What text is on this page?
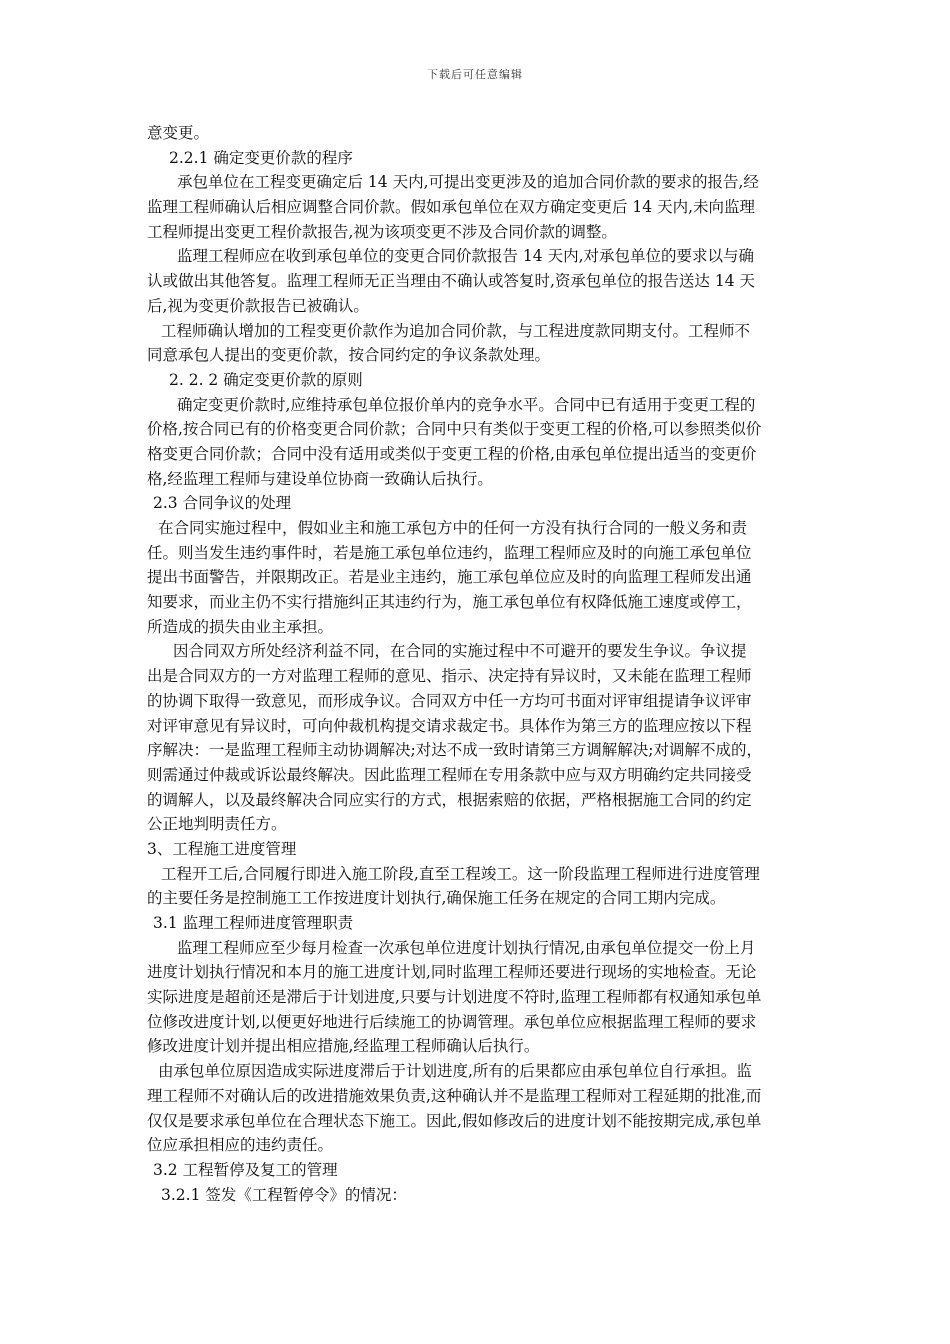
下载后可任意编辑
意变更。
2.2.1 确定变更价款的程序
承包单位在工程变更确定后 14 天内,可提出变更涉及的追加合同价款的要求的报告,经
监理工程师确认后相应调整合同价款。假如承包单位在双方确定变更后 14 天内,未向监理
工程师提出变更工程价款报告,视为该项变更不涉及合同价款的调整。
监理工程师应在收到承包单位的变更合同价款报告 14 天内,对承包单位的要求以与确
认或做出其他答复。监理工程师无正当理由不确认或答复时,资承包单位的报告送达 14 天
后,视为变更价款报告已被确认。
工程师确认增加的工程变更价款作为追加合同价款，与工程进度款同期支付。工程师不
同意承包人提出的变更价款，按合同约定的争议条款处理。
2. 2. 2 确定变更价款的原则
确定变更价款时,应维持承包单位报价单内的竞争水平。合同中已有适用于变更工程的
价格,按合同已有的价格变更合同价款；合同中只有类似于变更工程的价格,可以参照类似价
格变更合同价款；合同中没有适用或类似于变更工程的价格,由承包单位提出适当的变更价
格,经监理工程师与建设单位协商一致确认后执行。
2.3 合同争议的处理
在合同实施过程中，假如业主和施工承包方中的任何一方没有执行合同的一般义务和责
任。则当发生违约事件时，若是施工承包单位违约，监理工程师应及时的向施工承包单位
提出书面警告，并限期改正。若是业主违约，施工承包单位应及时的向监理工程师发出通
知要求，而业主仍不实行措施纠正其违约行为，施工承包单位有权降低施工速度或停工，
所造成的损失由业主承担。
因合同双方所处经济利益不同，在合同的实施过程中不可避开的要发生争议。争议提
出是合同双方的一方对监理工程师的意见、指示、决定持有异议时，又未能在监理工程师
的协调下取得一致意见，而形成争议。合同双方中任一方均可书面对评审组提请争议评审
对评审意见有异议时，可向仲裁机构提交请求裁定书。具体作为第三方的监理应按以下程
序解决：一是监理工程师主动协调解决;对达不成一致时请第三方调解解决;对调解不成的，
则需通过仲裁或诉讼最终解决。因此监理工程师在专用条款中应与双方明确约定共同接受
的调解人，以及最终解决合同应实行的方式，根据索赔的依据，严格根据施工合同的约定
公正地判明责任方。
3、工程施工进度管理
工程开工后,合同履行即进入施工阶段,直至工程竣工。这一阶段监理工程师进行进度管理
的主要任务是控制施工工作按进度计划执行,确保施工任务在规定的合同工期内完成。
3.1 监理工程师进度管理职责
监理工程师应至少每月检查一次承包单位进度计划执行情况,由承包单位提交一份上月
进度计划执行情况和本月的施工进度计划,同时监理工程师还要进行现场的实地检查。无论
实际进度是超前还是滞后于计划进度,只要与计划进度不符时,监理工程师都有权通知承包单
位修改进度计划,以便更好地进行后续施工的协调管理。承包单位应根据监理工程师的要求
修改进度计划并提出相应措施,经监理工程师确认后执行。
由承包单位原因造成实际进度滞后于计划进度,所有的后果都应由承包单位自行承担。监
理工程师不对确认后的改进措施效果负责,这种确认并不是监理工程师对工程延期的批准,而
仅仅是要求承包单位在合理状态下施工。因此,假如修改后的进度计划不能按期完成,承包单
位应承担相应的违约责任。
3.2 工程暂停及复工的管理
3.2.1 签发《工程暂停令》的情况：
